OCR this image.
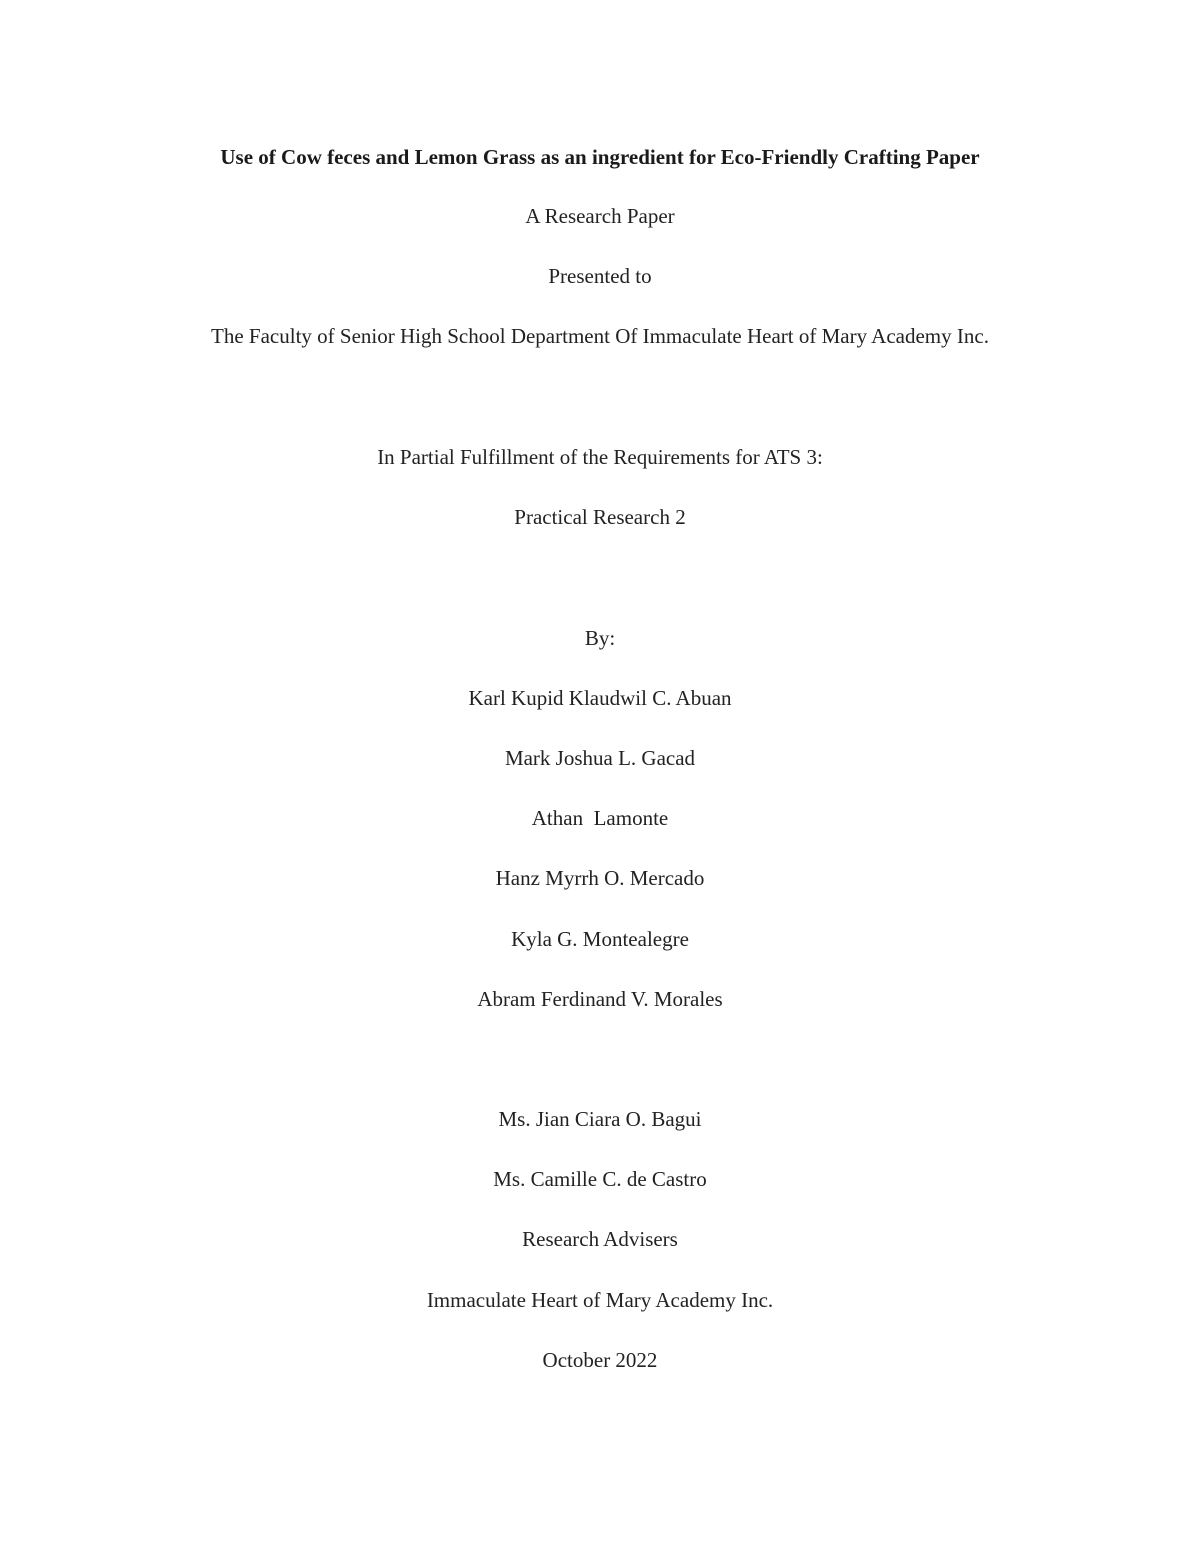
Use of Cow feces and Lemon Grass as an ingredient for Eco-Friendly Crafting Paper
A Research Paper
Presented to
The Faculty of Senior High School Department Of Immaculate Heart of Mary Academy Inc.
In Partial Fulfillment of the Requirements for ATS 3:
Practical Research 2
By:
Karl Kupid Klaudwil C. Abuan
Mark Joshua L. Gacad
Athan  Lamonte
Hanz Myrrh O. Mercado
Kyla G. Montealegre
Abram Ferdinand V. Morales
Ms. Jian Ciara O. Bagui
Ms. Camille C. de Castro
Research Advisers
Immaculate Heart of Mary Academy Inc.
October 2022
